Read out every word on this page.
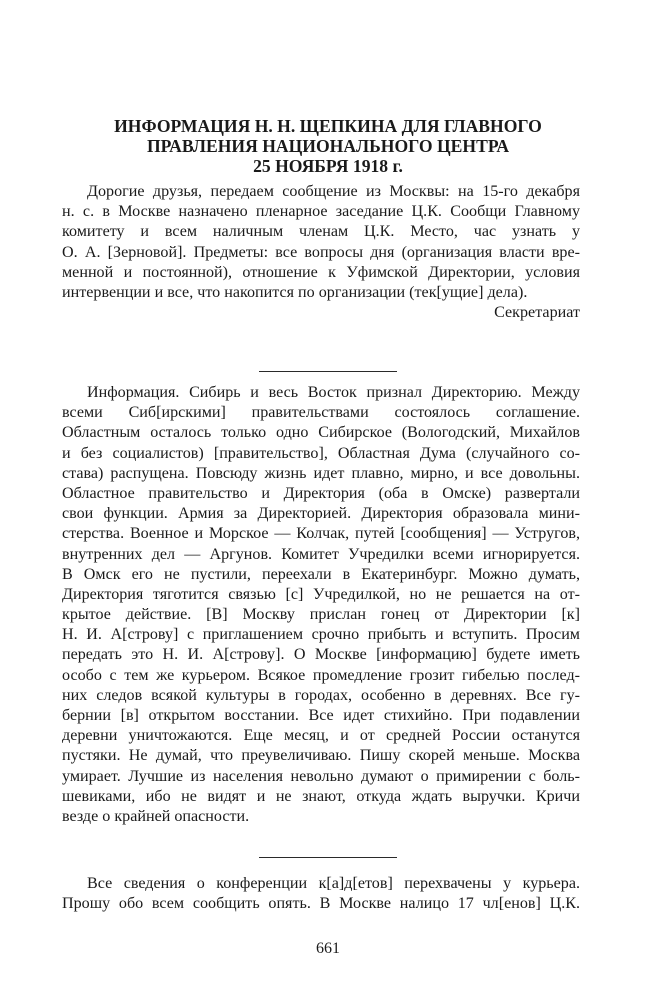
ИНФОРМАЦИЯ Н. Н. ЩЕПКИНА ДЛЯ ГЛАВНОГО
ПРАВЛЕНИЯ НАЦИОНАЛЬНОГО ЦЕНТРА
25 НОЯБРЯ 1918 г.
Дорогие друзья, передаем сообщение из Москвы: на 15-го декабря
н. с. в Москве назначено пленарное заседание Ц.К. Сообщи Главному
комитету и всем наличным членам Ц.К. Место, час узнать у
О. А. [Зерновой]. Предметы: все вопросы дня (организация власти вре-
менной и постоянной), отношение к Уфимской Директории, условия
интервенции и все, что накопится по организации (тек[ущие] дела).
Секретариат
Информация. Сибирь и весь Восток признал Директорию. Между
всеми Сиб[ирскими] правительствами состоялось соглашение.
Областным осталось только одно Сибирское (Вологодский, Михайлов
и без социалистов) [правительство], Областная Дума (случайного со-
става) распущена. Повсюду жизнь идет плавно, мирно, и все довольны.
Областное правительство и Директория (оба в Омске) развертали
свои функции. Армия за Директорией. Директория образовала мини-
стерства. Военное и Морское — Колчак, путей [сообщения] — Устругов,
внутренних дел — Аргунов. Комитет Учредилки всеми игнорируется.
В Омск его не пустили, переехали в Екатеринбург. Можно думать,
Директория тяготится связью [с] Учредилкой, но не решается на от-
крытое действие. [В] Москву прислан гонец от Директории [к]
Н. И. А[строву] с приглашением срочно прибыть и вступить. Просим
передать это Н. И. А[строву]. О Москве [информацию] будете иметь
особо с тем же курьером. Всякое промедление грозит гибелью послед-
них следов всякой культуры в городах, особенно в деревнях. Все гу-
бернии [в] открытом восстании. Все идет стихийно. При подавлении
деревни уничтожаются. Еще месяц, и от средней России останутся
пустяки. Не думай, что преувеличиваю. Пишу скорей меньше. Москва
умирает. Лучшие из населения невольно думают о примирении с боль-
шевиками, ибо не видят и не знают, откуда ждать выручки. Кричи
везде о крайней опасности.
Все сведения о конференции к[а]д[етов] перехвачены у курьера.
Прошу обо всем сообщить опять. В Москве налицо 17 чл[енов] Ц.К.
661
